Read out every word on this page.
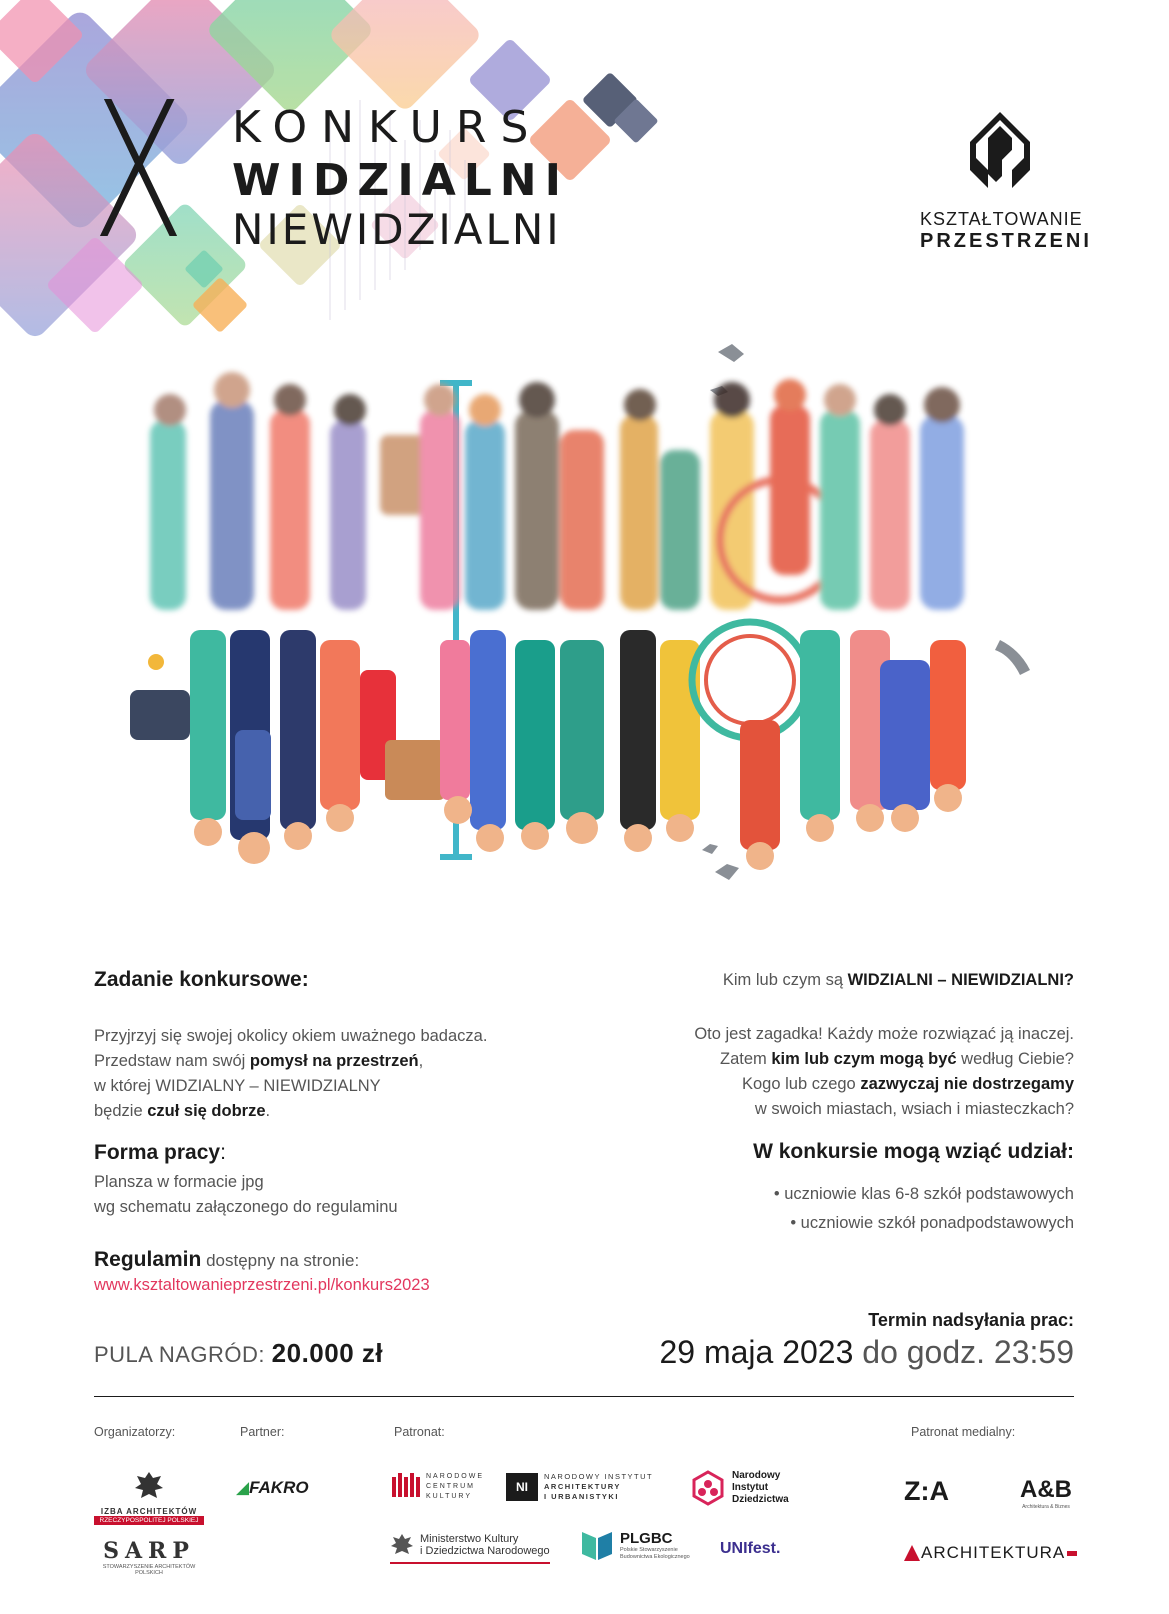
X KONKURS
WIDZIALNI
NIEWIDZIALNI	KSZTAŁTOWANIE
PRZESTRZENI
Zadanie konkursowe:
Przyjrzyj się swojej okolicy okiem uważnego badacza.
Przedstaw nam swój pomysł na przestrzeń,
w której WIDZIALNY – NIEWIDZIALNY
będzie czuł się dobrze.
Forma pracy:
Plansza w formacie jpg
wg schematu załączonego do regulaminu
Regulamin dostępny na stronie:
www.ksztaltowanieprzestrzeni.pl/konkurs2023
PULA NAGRÓD: 20.000 zł
Kim lub czym są WIDZIALNI – NIEWIDZIALNI?
Oto jest zagadka! Każdy może rozwiązać ją inaczej.
Zatem kim lub czym mogą być według Ciebie?
Kogo lub czego zazwyczaj nie dostrzegamy
w swoich miastach, wsiach i miasteczkach?
W konkursie mogą wziąć udział:
• uczniowie klas 6-8 szkół podstawowych
• uczniowie szkół ponadpodstawowych
Termin nadsyłania prac:
29 maja 2023 do godz. 23:59
Organizatorzy:	Partner:	Patronat:	Patronat medialny:
IZBA ARCHITEKTÓW
RZECZYPOSPOLITEJ POLSKIEJ
SARP
STOWARZYSZENIE ARCHITEKTÓW POLSKICH
◢FAKRO
NARODOWE
CENTRUM
KULTURY
NI
NARODOWY INSTYTUT
ARCHITEKTURY
I URBANISTYKI
Narodowy
Instytut
Dziedzictwa
Ministerstwo Kultury
i Dziedzictwa Narodowego
PLGBC
Polskie Stowarzyszenie
Budownictwa Ekologicznego UNIfest.
Z:A	A&B
Architektura & Biznes
ARCHITEKTURA
